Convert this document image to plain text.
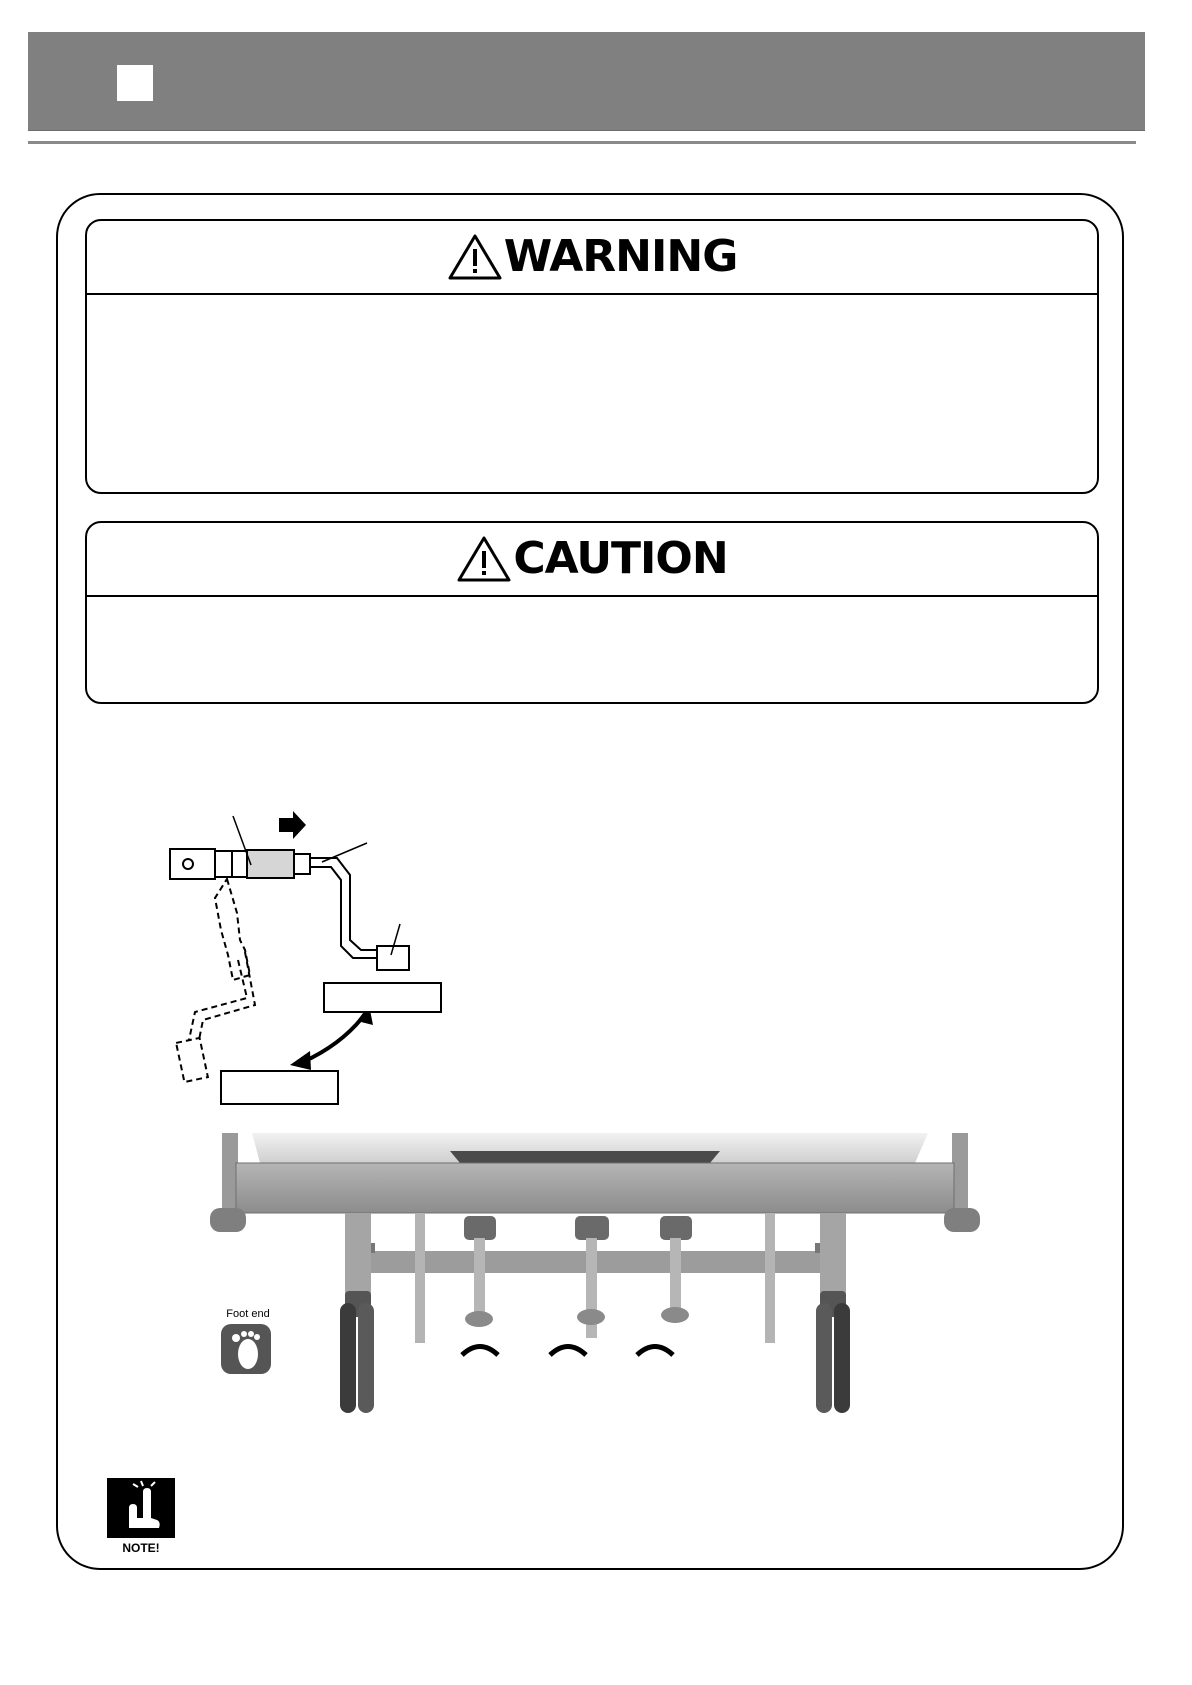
WARNING
CAUTION
Foot end
NOTE!
